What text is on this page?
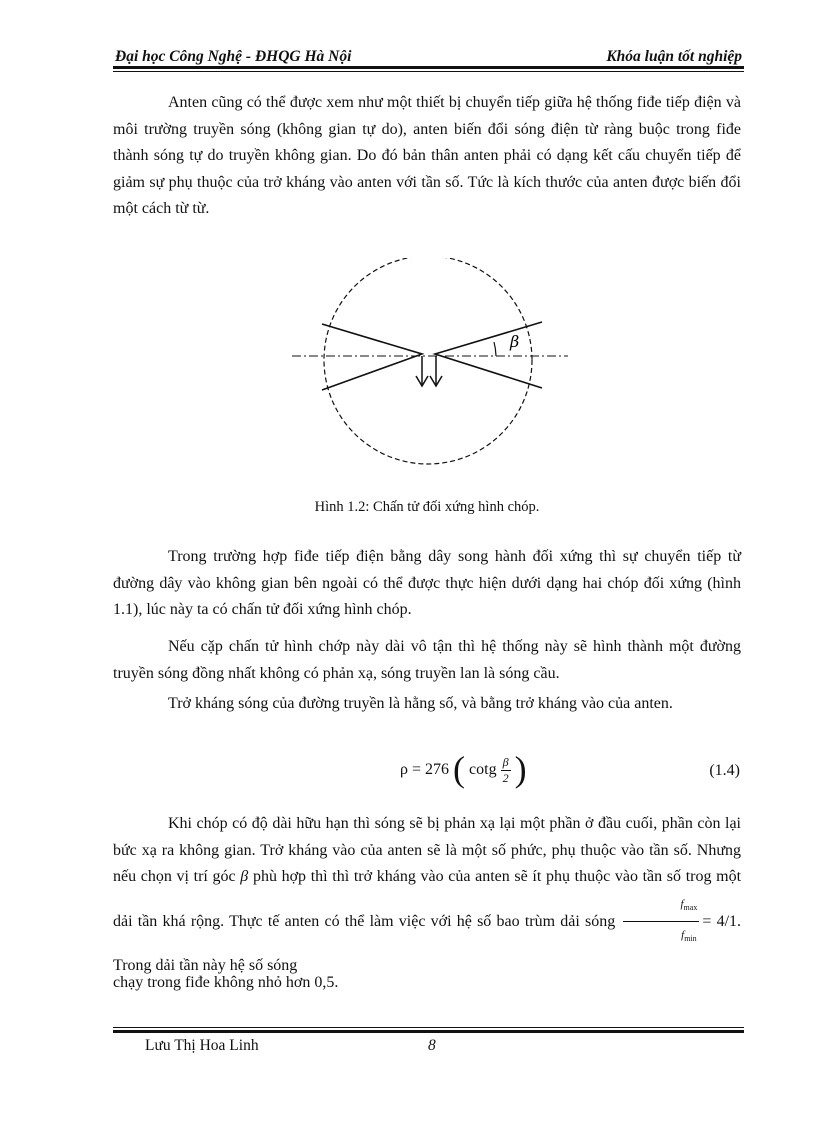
Đại học Công Nghệ - ĐHQG Hà Nội	Khóa luận tốt nghiệp

Anten cũng có thể được xem như một thiết bị chuyển tiếp giữa hệ thống fiđe tiếp điện và môi trường truyền sóng (không gian tự do), anten biến đổi sóng điện từ ràng buộc trong fiđe thành sóng tự do truyền không gian. Do đó bản thân anten phải có dạng kết cấu chuyển tiếp để giảm sự phụ thuộc của trở kháng vào anten với tần số. Tức là kích thước của anten được biến đổi một cách từ từ.

β
Hình 1.2: Chấn tử đối xứng hình chóp.

Trong trường hợp fiđe tiếp điện bằng dây song hành đối xứng thì sự chuyển tiếp từ đường dây vào không gian bên ngoài có thể được thực hiện dưới dạng hai chóp đối xứng (hình 1.1), lúc này ta có chấn tử đối xứng hình chóp.

Nếu cặp chấn tử hình chớp này dài vô tận thì hệ thống này sẽ hình thành một đường truyền sóng đồng nhất không có phản xạ, sóng truyền lan là sóng cầu.

Trở kháng sóng của đường truyền là hằng số, và bằng trở kháng vào của anten.

ρ = 276 ( cotg $\frac{\beta}{2}$ )	(1.4)

Khi chóp có độ dài hữu hạn thì sóng sẽ bị phản xạ lại một phần ở đầu cuối, phần còn lại bức xạ ra không gian. Trở kháng vào của anten sẽ là một số phức, phụ thuộc vào tần số. Nhưng nếu chọn vị trí góc β phù hợp thì thì trở kháng vào của anten sẽ ít phụ thuộc vào tần số trog một dải tần khá rộng. Thực tế anten có thể làm việc với hệ số bao trùm dải sóng $\frac{f_{max}}{f_{min}} = 4/1$. Trong dải tần này hệ số sóng

chạy trong fiđe không nhỏ hơn 0,5.

Lưu Thị Hoa Linh	8
